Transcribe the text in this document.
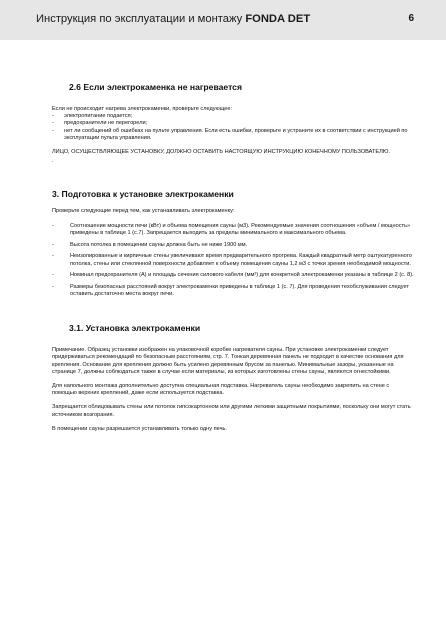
Инструкция по эксплуатации и монтажу FONDA DET	6
2.6 Если электрокаменка не нагревается

Если не происходит нагрева электрокаменки, проверьте следующее:

- электропитание подается;
- предохранители не перегорели;
- нет ли сообщений об ошибках на пульте управления. Если есть ошибки, проверьте и устраните их в соответствии с инструкцией по эксплуатации пульта управления.

ЛИЦО, ОСУЩЕСТВЛЯЮЩЕЕ УСТАНОВКУ, ДОЛЖНО ОСТАВИТЬ НАСТОЯЩУЮ ИНСТРУКЦИЮ КОНЕЧНОМУ ПОЛЬЗОВАТЕЛЮ.

.

3. Подготовка к установке электрокаменки

Проверьте следующие перед тем, как устанавливать электрокаменку:

- Соотношение мощности печи (кВт) и объема помещения сауны (м3). Рекомендуемые значения соотношения «объем / мощность» приведены в таблице 1 (с.7). Запрещается выходить за пределы минимального и максимального объема.
- Высота потолка в помещении сауны должна быть не ниже 1900 мм.
- Неизолированные и кирпичные стены увеличивают время предварительного прогрева. Каждый квадратный метр оштукатуренного потолка, стены или стеклянной поверхности добавляет к объему помещения сауны 1,2 м3 с точки зрения необходимой мощности.
- Номинал предохранителя (А) и площадь сечения силового кабеля (мм²) для конкретной электрокаменки указаны в таблице 2 (с. 8).
- Размеры безопасных расстояний вокруг электрокаменки приведены в таблице 1 (с. 7). Для проведения техобслуживания следует оставить достаточно места вокруг печи.
3.1. Установка электрокаменки

Примечание. Образец установки изображен на упаковочной коробке нагревателя сауны. При установке электрокаменки следует придерживаться рекомендаций по безопасным расстояниям, стр. 7. Тонкая деревянная панель не подходит в качестве основания для крепления. Основание для крепления должно быть усилено деревянным брусом за панелью. Минимальные зазоры, указанные на странице 7, должны соблюдаться также в случае если материалы, из которых изготовлены стены сауны, являются огнестойкими.

Для напольного монтажа дополнительно доступна специальная подставка. Нагреватель сауны необходимо закрепить на стене с помощью верхних креплений, даже если используется подставка.

Запрещается облицовывать стены или потолок гипсокартонном или другими легкими защитными покрытиями, поскольку они могут стать источником возгорания.

В помещении сауны разрешается устанавливать только одну печь.
